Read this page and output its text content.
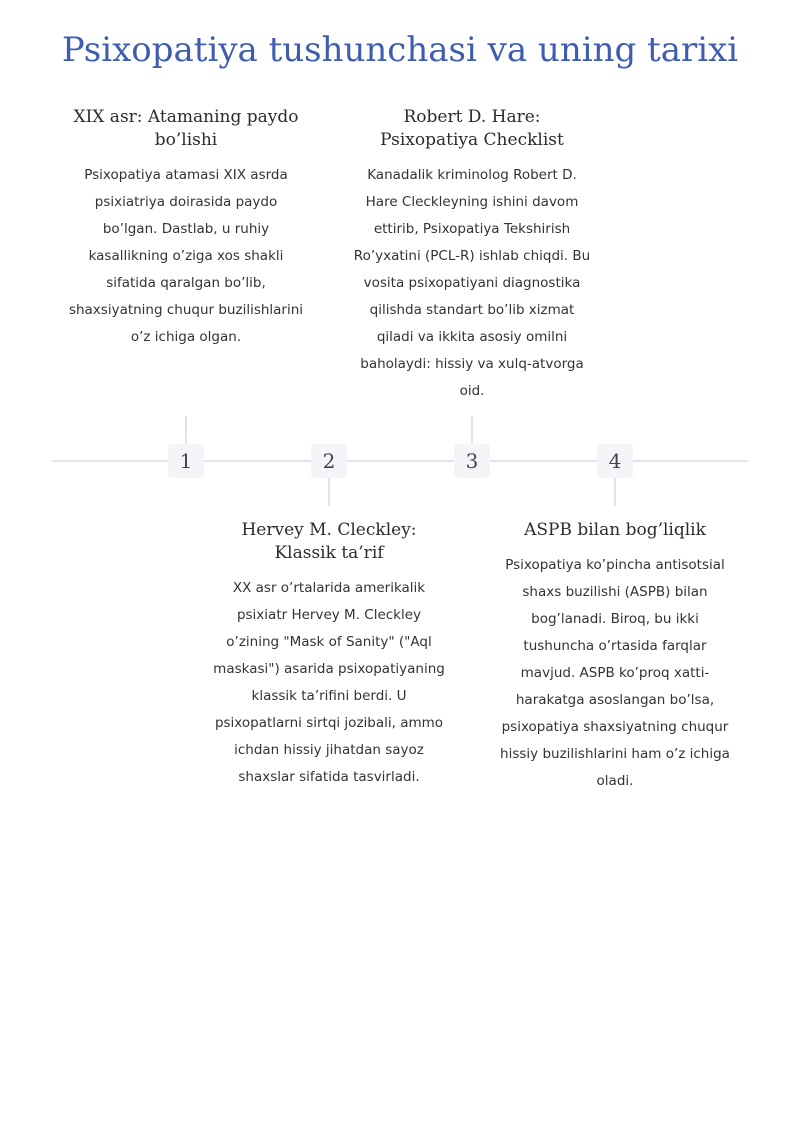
Psixopatiya tushunchasi va uning tarixi
1	2	3	4

XIX asr: Atamaning paydo bo’lishi

Psixopatiya atamasi XIX asrda psixiatriya doirasida paydo bo’lgan. Dastlab, u ruhiy kasallikning o’ziga xos shakli sifatida qaralgan bo’lib, shaxsiyatning chuqur buzilishlarini o’z ichiga olgan.

Robert D. Hare: Psixopatiya Checklist

Kanadalik kriminolog Robert D. Hare Cleckleyning ishini davom ettirib, Psixopatiya Tekshirish Ro’yxatini (PCL-R) ishlab chiqdi. Bu vosita psixopatiyani diagnostika qilishda standart bo’lib xizmat qiladi va ikkita asosiy omilni baholaydi: hissiy va xulq-atvorga oid.

Hervey M. Cleckley: Klassik ta’rif

XX asr o’rtalarida amerikalik psixiatr Hervey M. Cleckley o’zining "Mask of Sanity" ("Aql maskasi") asarida psixopatiyaning klassik ta’rifini berdi. U psixopatlarni sirtqi jozibali, ammo ichdan hissiy jihatdan sayoz shaxslar sifatida tasvirladi.

ASPB bilan bog’liqlik

Psixopatiya ko’pincha antisotsial shaxs buzilishi (ASPB) bilan bog’lanadi. Biroq, bu ikki tushuncha o’rtasida farqlar mavjud. ASPB ko’proq xatti-harakatga asoslangan bo’lsa, psixopatiya shaxsiyatning chuqur hissiy buzilishlarini ham o’z ichiga oladi.
